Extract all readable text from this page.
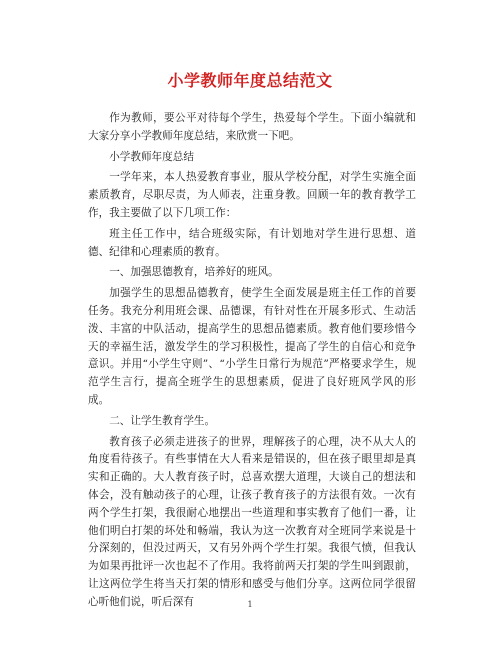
小学教师年度总结范文

作为教师，要公平对待每个学生，热爱每个学生。下面小编就和大家分享小学教师年度总结，来欣赏一下吧。

小学教师年度总结

一学年来，本人热爱教育事业，服从学校分配，对学生实施全面素质教育，尽职尽责，为人师表，注重身教。回顾一年的教育教学工作，我主要做了以下几项工作：

班主任工作中，结合班级实际，有计划地对学生进行思想、道德、纪律和心理素质的教育。

一、加强思德教育，培养好的班风。

加强学生的思想品德教育，使学生全面发展是班主任工作的首要任务。我充分利用班会课、品德课，有针对性在开展多形式、生动活泼、丰富的中队活动，提高学生的思想品德素质。教育他们要珍惜今天的幸福生活，激发学生的学习积极性，提高了学生的自信心和竞争意识。并用“小学生守则”、“小学生日常行为规范”严格要求学生，规范学生言行，提高全班学生的思想素质，促进了良好班风学风的形成。

二、让学生教育学生。

教育孩子必须走进孩子的世界，理解孩子的心理，决不从大人的角度看待孩子。有些事情在大人看来是错误的，但在孩子眼里却是真实和正确的。大人教育孩子时，总喜欢摆大道理，大谈自己的想法和体会，没有触动孩子的心理，让孩子教育孩子的方法很有效。一次有两个学生打架，我很耐心地摆出一些道理和事实教育了他们一番，让他们明白打架的坏处和畅端，我认为这一次教育对全班同学来说是十分深刻的，但没过两天，又有另外两个学生打架。我很气愤，但我认为如果再批评一次也起不了作用。我将前两天打架的学生叫到跟前，让这两位学生将当天打架的情形和感受与他们分享。这两位同学很留心听他们说，听后深有	1
